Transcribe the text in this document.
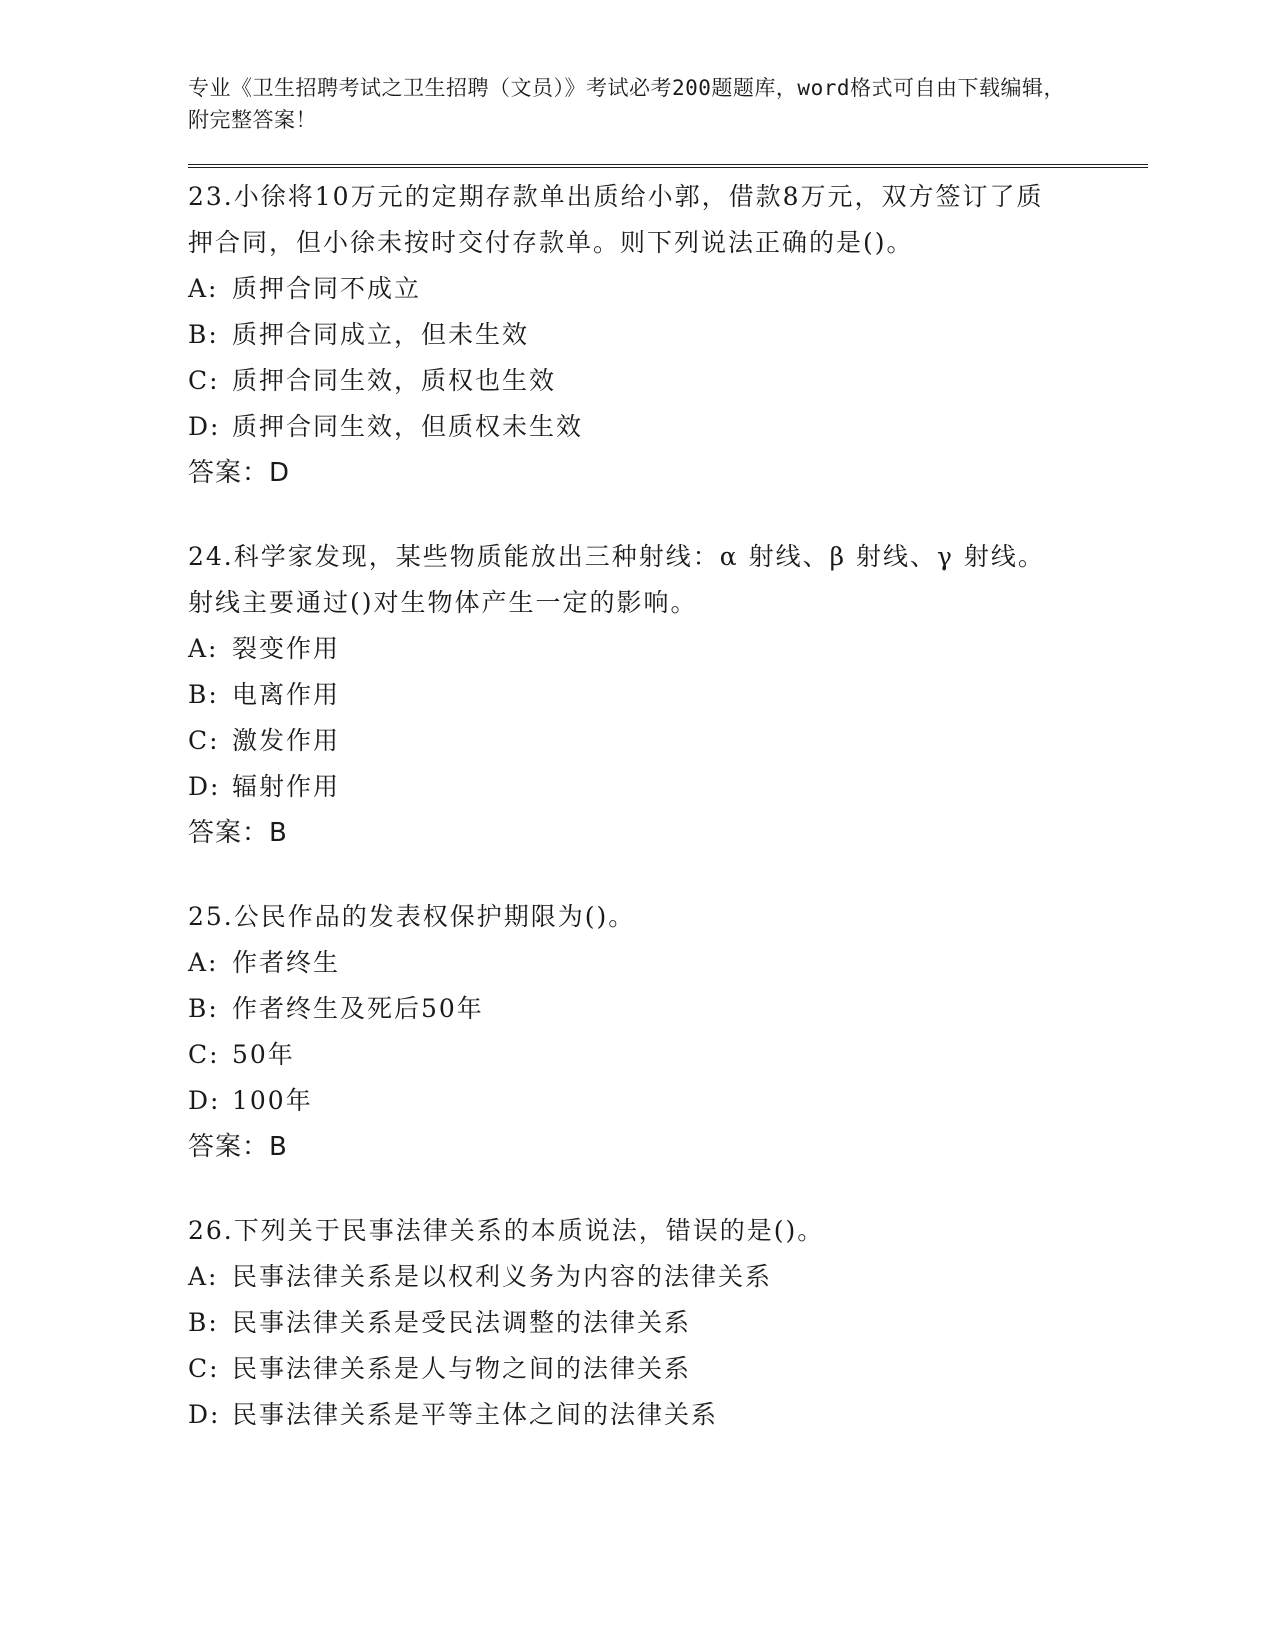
专业《卫生招聘考试之卫生招聘（文员）》考试必考200题题库，word格式可自由下载编辑，附完整答案！
23.小徐将10万元的定期存款单出质给小郭，借款8万元，双方签订了质押合同，但小徐未按时交付存款单。则下列说法正确的是()。
A: 质押合同不成立
B: 质押合同成立，但未生效
C: 质押合同生效，质权也生效
D: 质押合同生效，但质权未生效
答案：D
24.科学家发现，某些物质能放出三种射线：α 射线、β 射线、γ 射线。射线主要通过()对生物体产生一定的影响。
A: 裂变作用
B: 电离作用
C: 激发作用
D: 辐射作用
答案：B
25.公民作品的发表权保护期限为()。
A: 作者终生
B: 作者终生及死后50年
C: 50年
D: 100年
答案：B
26.下列关于民事法律关系的本质说法，错误的是()。
A: 民事法律关系是以权利义务为内容的法律关系
B: 民事法律关系是受民法调整的法律关系
C: 民事法律关系是人与物之间的法律关系
D: 民事法律关系是平等主体之间的法律关系
